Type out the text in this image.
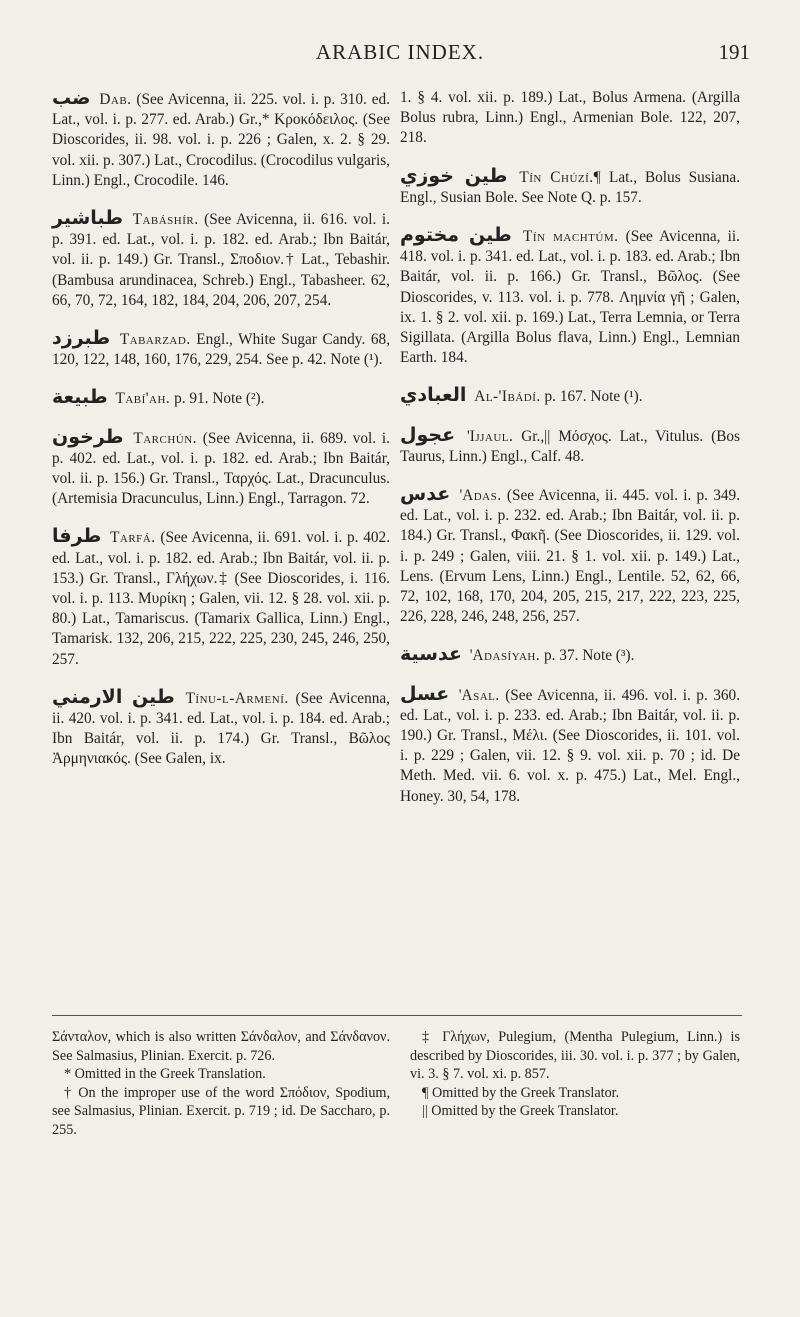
ARABIC INDEX.	191

ضب Dab. (See Avicenna, ii. 225. vol. i. p. 310. ed. Lat., vol. i. p. 277. ed. Arab.) Gr.,* Κροκόδειλος. (See Dioscorides, ii. 98. vol. i. p. 226 ; Galen, x. 2. § 29. vol. xii. p. 307.) Lat., Crocodilus. (Crocodilus vulgaris, Linn.) Engl., Crocodile. 146.

طباشير Tabáshír. (See Avicenna, ii. 616. vol. i. p. 391. ed. Lat., vol. i. p. 182. ed. Arab.; Ibn Baitár, vol. ii. p. 149.) Gr. Transl., Σποδιον.† Lat., Tebashir. (Bambusa arundinacea, Schreb.) Engl., Tabasheer. 62, 66, 70, 72, 164, 182, 184, 204, 206, 207, 254.

طبرزد Tabarzad. Engl., White Sugar Candy. 68, 120, 122, 148, 160, 176, 229, 254. See p. 42. Note (¹).

طبيعة Tabí'ah. p. 91. Note (²).

طرخون Tarchún. (See Avicenna, ii. 689. vol. i. p. 402. ed. Lat., vol. i. p. 182. ed. Arab.; Ibn Baitár, vol. ii. p. 156.) Gr. Transl., Ταρχός. Lat., Dracunculus. (Artemisia Dracunculus, Linn.) Engl., Tarragon. 72.

طرفا Tarfá. (See Avicenna, ii. 691. vol. i. p. 402. ed. Lat., vol. i. p. 182. ed. Arab.; Ibn Baitár, vol. ii. p. 153.) Gr. Transl., Γλήχων.‡ (See Dioscorides, i. 116. vol. i. p. 113. Μυρίκη ; Galen, vii. 12. § 28. vol. xii. p. 80.) Lat., Tamariscus. (Tamarix Gallica, Linn.) Engl., Tamarisk. 132, 206, 215, 222, 225, 230, 245, 246, 250, 257.

طين الارمني Tínu-l-Armení. (See Avicenna, ii. 420. vol. i. p. 341. ed. Lat., vol. i. p. 184. ed. Arab.; Ibn Baitár, vol. ii. p. 174.) Gr. Transl., Βῶλος Ἀρμηνιακός. (See Galen, ix.

1. § 4. vol. xii. p. 189.) Lat., Bolus Armena. (Argilla Bolus rubra, Linn.) Engl., Armenian Bole. 122, 207, 218.

طين خوزي Tín Chúzí.¶ Lat., Bolus Susiana. Engl., Susian Bole. See Note Q. p. 157.

طين مختوم Tín machtúm. (See Avicenna, ii. 418. vol. i. p. 341. ed. Lat., vol. i. p. 183. ed. Arab.; Ibn Baitár, vol. ii. p. 166.) Gr. Transl., Βῶλος. (See Dioscorides, v. 113. vol. i. p. 778. Λημνία γῆ ; Galen, ix. 1. § 2. vol. xii. p. 169.) Lat., Terra Lemnia, or Terra Sigillata. (Argilla Bolus flava, Linn.) Engl., Lemnian Earth. 184.

العبادي Al-'Ibádí. p. 167. Note (¹).

عجول 'Ijjaul. Gr.,|| Μόσχος. Lat., Vitulus. (Bos Taurus, Linn.) Engl., Calf. 48.

عدس 'Adas. (See Avicenna, ii. 445. vol. i. p. 349. ed. Lat., vol. i. p. 232. ed. Arab.; Ibn Baitár, vol. ii. p. 184.) Gr. Transl., Φακῆ. (See Dioscorides, ii. 129. vol. i. p. 249 ; Galen, viii. 21. § 1. vol. xii. p. 149.) Lat., Lens. (Ervum Lens, Linn.) Engl., Lentile. 52, 62, 66, 72, 102, 168, 170, 204, 205, 215, 217, 222, 223, 225, 226, 228, 246, 248, 256, 257.

عدسية 'Adasíyah. p. 37. Note (³).

عسل 'Asal. (See Avicenna, ii. 496. vol. i. p. 360. ed. Lat., vol. i. p. 233. ed. Arab.; Ibn Baitár, vol. ii. p. 190.) Gr. Transl., Μέλι. (See Dioscorides, ii. 101. vol. i. p. 229 ; Galen, vii. 12. § 9. vol. xii. p. 70 ; id. De Meth. Med. vii. 6. vol. x. p. 475.) Lat., Mel. Engl., Honey. 30, 54, 178.

Σάνταλον, which is also written Σάνδαλον, and Σάνδανον. See Salmasius, Plinian. Exercit. p. 726.

* Omitted in the Greek Translation.

† On the improper use of the word Σπόδιον, Spodium, see Salmasius, Plinian. Exercit. p. 719 ; id. De Saccharo, p. 255.

‡ Γλήχων, Pulegium, (Mentha Pulegium, Linn.) is described by Dioscorides, iii. 30. vol. i. p. 377 ; by Galen, vi. 3. § 7. vol. xi. p. 857.

¶ Omitted by the Greek Translator.

|| Omitted by the Greek Translator.
